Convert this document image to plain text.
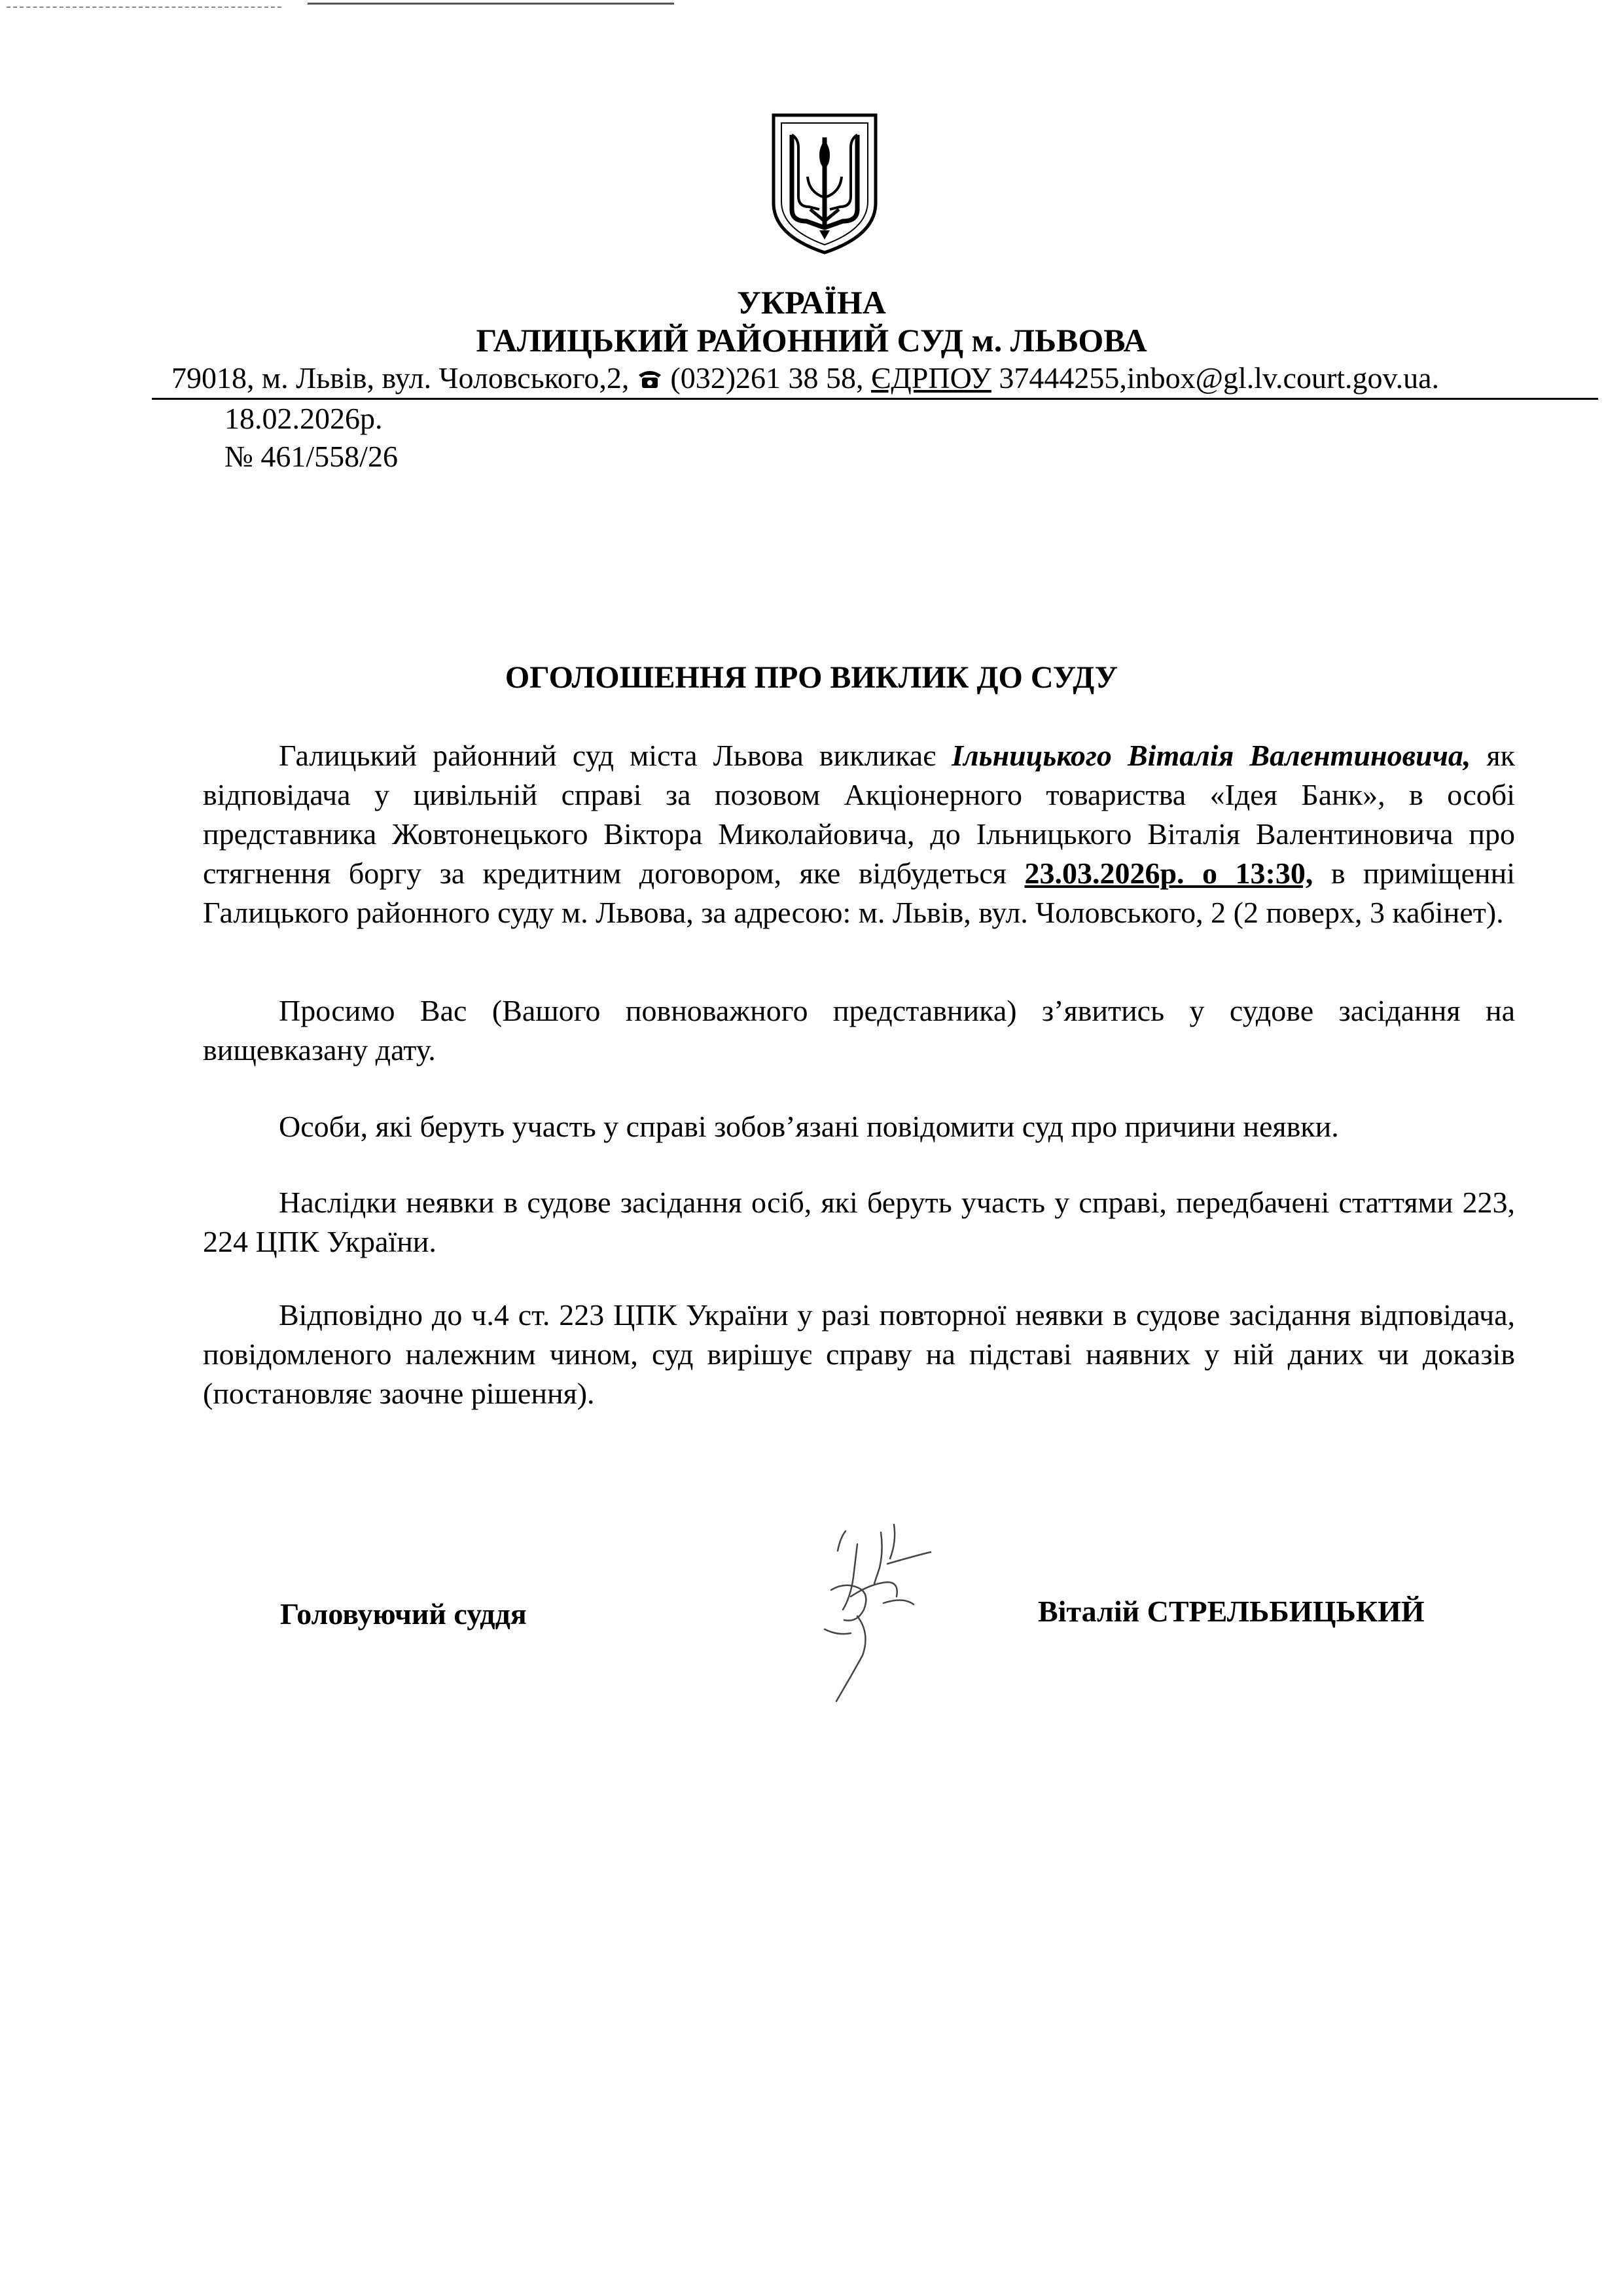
УКРАЇНА
ГАЛИЦЬКИЙ РАЙОННИЙ СУД м. ЛЬВОВА
79018, м. Львів, вул. Чоловського,2, (032)261 38 58, ЄДРПОУ 37444255,inbox@gl.lv.court.gov.ua.
18.02.2026р.
№ 461/558/26
ОГОЛОШЕННЯ ПРО ВИКЛИК ДО СУДУ

Галицький районний суд міста Львова викликає Ільницького Віталія Валентиновича, як відповідача у цивільній справі за позовом Акціонерного товариства «Ідея Банк», в особі представника Жовтонецького Віктора Миколайовича, до Ільницького Віталія Валентиновича про стягнення боргу за кредитним договором, яке відбудеться 23.03.2026р. о 13:30, в приміщенні Галицького районного суду м. Львова, за адресою: м. Львів, вул. Чоловського, 2 (2 поверх, 3 кабінет).

Просимо Вас (Вашого повноважного представника) з’явитись у судове засідання на вищевказану дату.

Особи, які беруть участь у справі зобов’язані повідомити суд про причини неявки.

Наслідки неявки в судове засідання осіб, які беруть участь у справі, передбачені статтями 223, 224 ЦПК України.

Відповідно до ч.4 ст. 223 ЦПК України у разі повторної неявки в судове засідання відповідача, повідомленого належним чином, суд вирішує справу на підставі наявних у ній даних чи доказів (постановляє заочне рішення).

Головуючий суддя	Віталій СТРЕЛЬБИЦЬКИЙ
